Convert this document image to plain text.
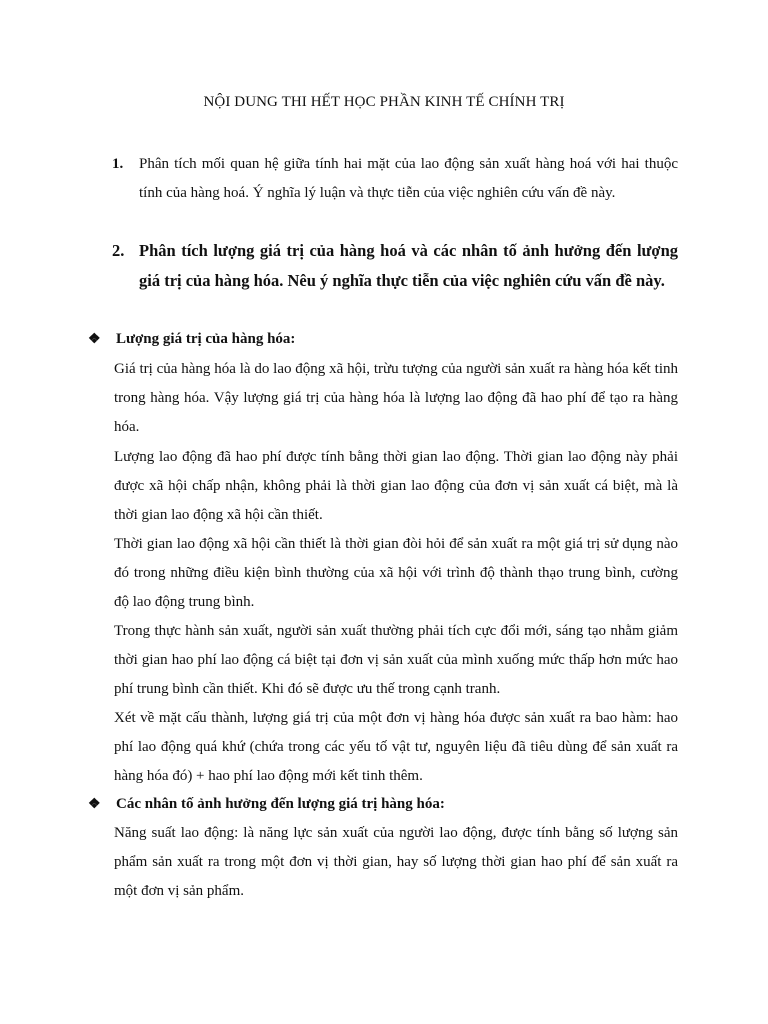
NỘI DUNG THI HẾT HỌC PHẦN KINH TẾ CHÍNH TRỊ
1. Phân tích mối quan hệ giữa tính hai mặt của lao động sản xuất hàng hoá với hai thuộc tính của hàng hoá. Ý nghĩa lý luận và thực tiễn của việc nghiên cứu vấn đề này.
2. Phân tích lượng giá trị của hàng hoá và các nhân tố ảnh hưởng đến lượng giá trị của hàng hóa. Nêu ý nghĩa thực tiễn của việc nghiên cứu vấn đề này.
❖ Lượng giá trị của hàng hóa:

Giá trị của hàng hóa là do lao động xã hội, trừu tượng của người sản xuất ra hàng hóa kết tinh trong hàng hóa. Vậy lượng giá trị của hàng hóa là lượng lao động đã hao phí để tạo ra hàng hóa.

Lượng lao động đã hao phí được tính bằng thời gian lao động. Thời gian lao động này phải được xã hội chấp nhận, không phải là thời gian lao động của đơn vị sản xuất cá biệt, mà là thời gian lao động xã hội cần thiết.

Thời gian lao động xã hội cần thiết là thời gian đòi hỏi để sản xuất ra một giá trị sử dụng nào đó trong những điều kiện bình thường của xã hội với trình độ thành thạo trung bình, cường độ lao động trung bình.

Trong thực hành sản xuất, người sản xuất thường phải tích cực đổi mới, sáng tạo nhằm giảm thời gian hao phí lao động cá biệt tại đơn vị sản xuất của mình xuống mức thấp hơn mức hao phí trung bình cần thiết. Khi đó sẽ được ưu thế trong cạnh tranh.

Xét về mặt cấu thành, lượng giá trị của một đơn vị hàng hóa được sản xuất ra bao hàm: hao phí lao động quá khứ (chứa trong các yếu tố vật tư, nguyên liệu đã tiêu dùng để sản xuất ra hàng hóa đó) + hao phí lao động mới kết tinh thêm.

❖ Các nhân tố ảnh hưởng đến lượng giá trị hàng hóa:

Năng suất lao động: là năng lực sản xuất của người lao động, được tính bằng số lượng sản phẩm sản xuất ra trong một đơn vị thời gian, hay số lượng thời gian hao phí để sản xuất ra một đơn vị sản phẩm.
